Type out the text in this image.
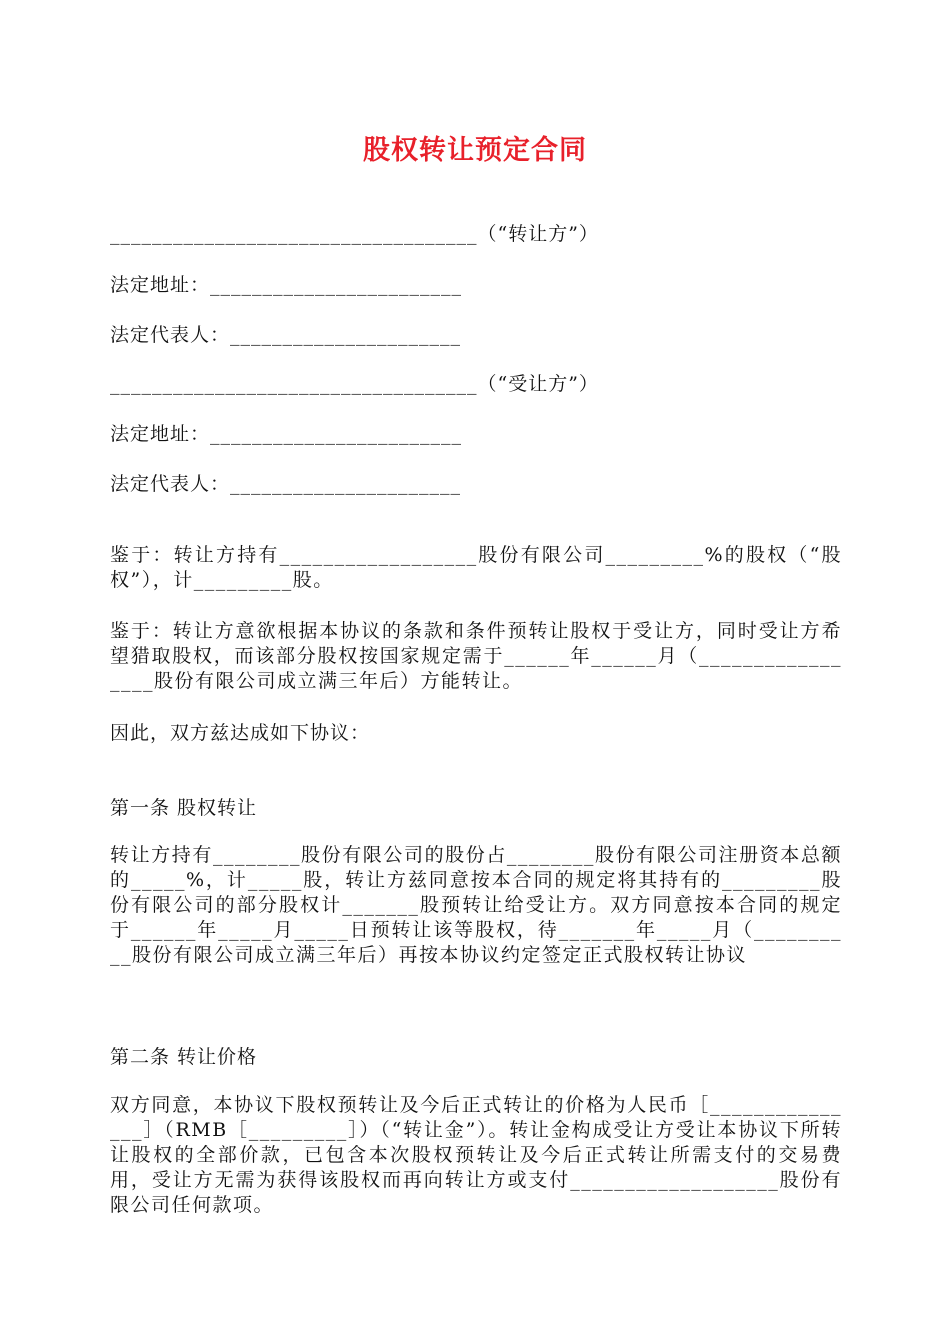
股权转让预定合同
___________________________________（“转让方”）
法定地址：________________________
法定代表人：______________________
___________________________________（“受让方”）
法定地址：________________________
法定代表人：______________________
鉴于：转让方持有__________________股份有限公司_________%的股权（“股权”），计_________股。
鉴于：转让方意欲根据本协议的条款和条件预转让股权于受让方，同时受让方希望猎取股权，而该部分股权按国家规定需于______年______月（_________________股份有限公司成立满三年后）方能转让。
因此，双方兹达成如下协议：
第一条 股权转让
转让方持有________股份有限公司的股份占________股份有限公司注册资本总额的_____%，计_____股，转让方兹同意按本合同的规定将其持有的_________股份有限公司的部分股权计_______股预转让给受让方。双方同意按本合同的规定于______年_____月_____日预转让该等股权，待_______年_____月（__________股份有限公司成立满三年后）再按本协议约定签定正式股权转让协议
第二条 转让价格
双方同意，本协议下股权预转让及今后正式转让的价格为人民币［_______________］（RMB［_________］）（“转让金”）。转让金构成受让方受让本协议下所转让股权的全部价款，已包含本次股权预转让及今后正式转让所需支付的交易费用，受让方无需为获得该股权而再向转让方或支付___________________股份有限公司任何款项。
